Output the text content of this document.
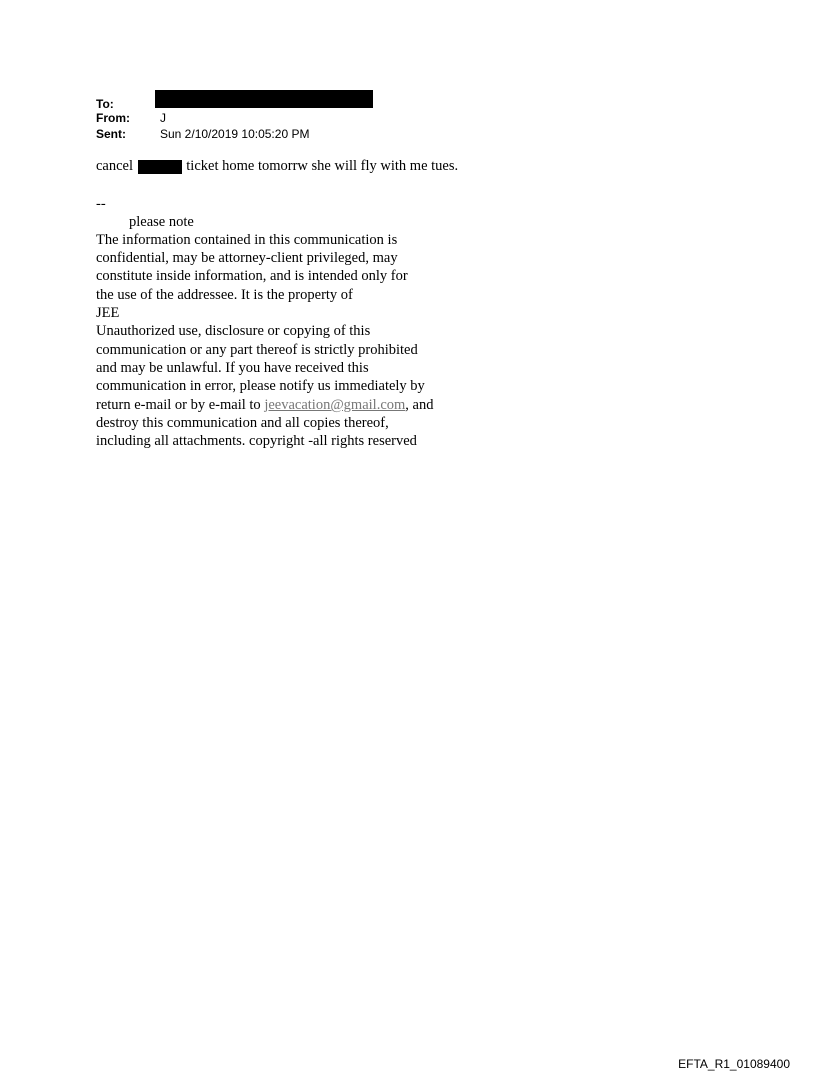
To:
From:	J
Sent:	Sun 2/10/2019 10:05:20 PM
cancel	ticket home tomorrw she will fly with me tues.
--
please note
The information contained in this communication is
confidential, may be attorney-client privileged, may
constitute inside information, and is intended only for
the use of the addressee. It is the property of
JEE
Unauthorized use, disclosure or copying of this
communication or any part thereof is strictly prohibited
and may be unlawful. If you have received this
communication in error, please notify us immediately by
return e-mail or by e-mail to jeevacation@gmail.com, and
destroy this communication and all copies thereof,
including all attachments. copyright -all rights reserved
EFTA_R1_01089400
